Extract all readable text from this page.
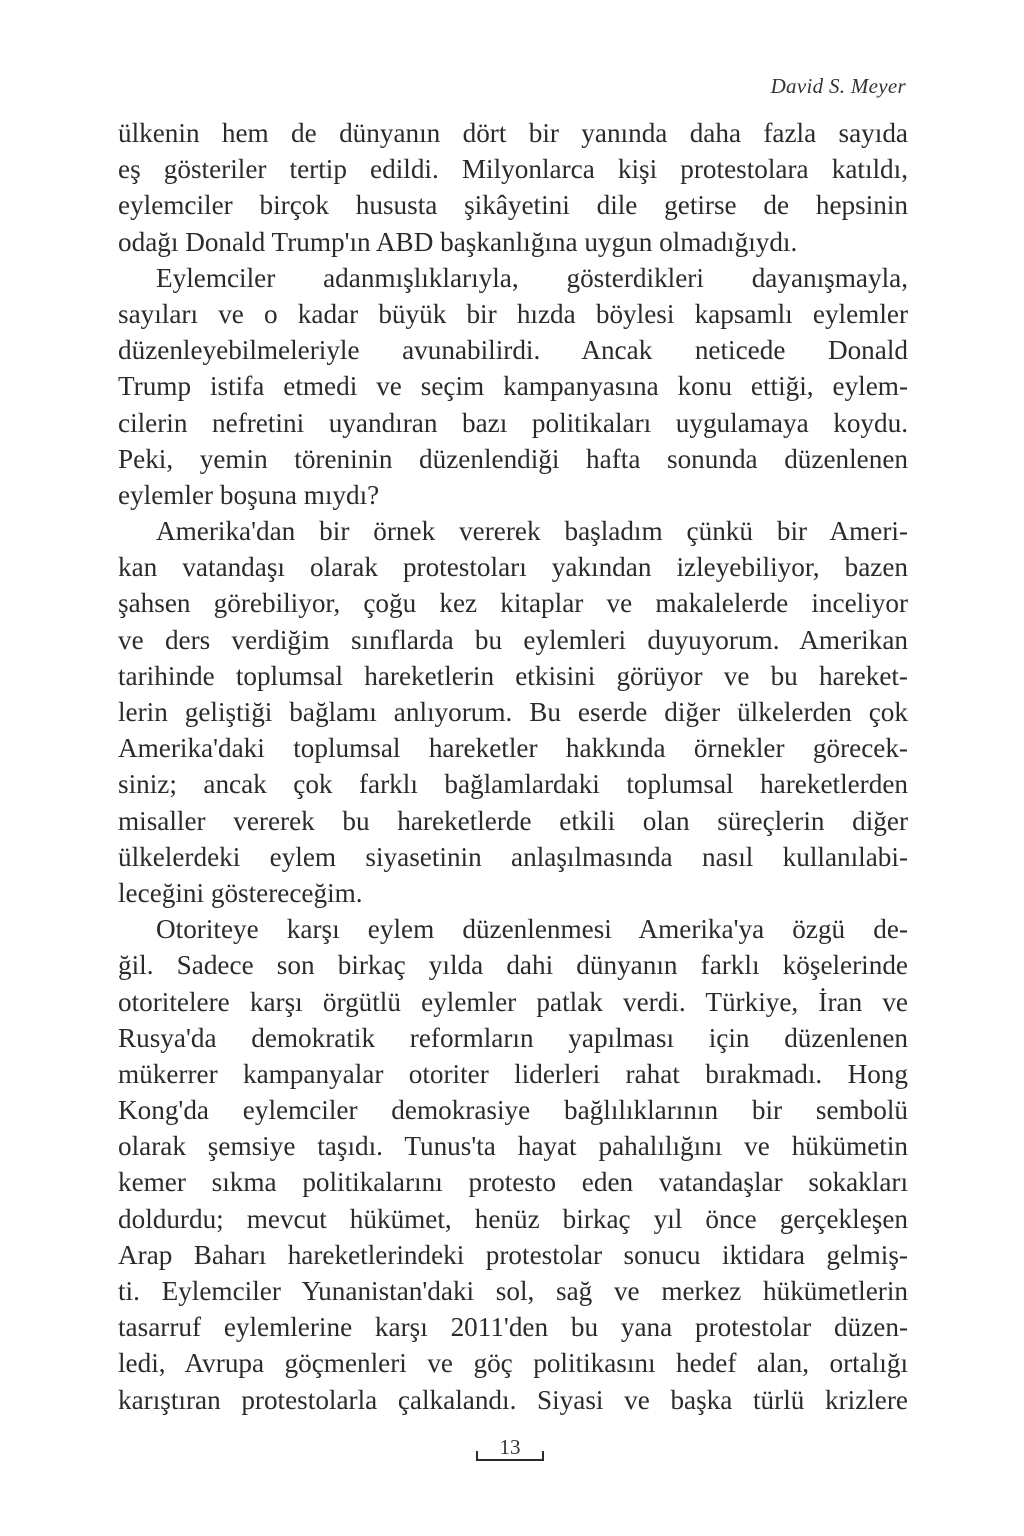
David S. Meyer
ülkenin hem de dünyanın dört bir yanında daha fazla sayıda
eş gösteriler tertip edildi. Milyonlarca kişi protestolara katıldı,
eylemciler birçok hususta şikâyetini dile getirse de hepsinin
odağı Donald Trump'ın ABD başkanlığına uygun olmadığıydı.
Eylemciler adanmışlıklarıyla, gösterdikleri dayanışmayla,
sayıları ve o kadar büyük bir hızda böylesi kapsamlı eylemler
düzenleyebilmeleriyle avunabilirdi. Ancak neticede Donald
Trump istifa etmedi ve seçim kampanyasına konu ettiği, eylem-
cilerin nefretini uyandıran bazı politikaları uygulamaya koydu.
Peki, yemin töreninin düzenlendiği hafta sonunda düzenlenen
eylemler boşuna mıydı?
Amerika'dan bir örnek vererek başladım çünkü bir Ameri-
kan vatandaşı olarak protestoları yakından izleyebiliyor, bazen
şahsen görebiliyor, çoğu kez kitaplar ve makalelerde inceliyor
ve ders verdiğim sınıflarda bu eylemleri duyuyorum. Amerikan
tarihinde toplumsal hareketlerin etkisini görüyor ve bu hareket-
lerin geliştiği bağlamı anlıyorum. Bu eserde diğer ülkelerden çok
Amerika'daki toplumsal hareketler hakkında örnekler görecek-
siniz; ancak çok farklı bağlamlardaki toplumsal hareketlerden
misaller vererek bu hareketlerde etkili olan süreçlerin diğer
ülkelerdeki eylem siyasetinin anlaşılmasında nasıl kullanılabi-
leceğini göstereceğim.
Otoriteye karşı eylem düzenlenmesi Amerika'ya özgü de-
ğil. Sadece son birkaç yılda dahi dünyanın farklı köşelerinde
otoritelere karşı örgütlü eylemler patlak verdi. Türkiye, İran ve
Rusya'da demokratik reformların yapılması için düzenlenen
mükerrer kampanyalar otoriter liderleri rahat bırakmadı. Hong
Kong'da eylemciler demokrasiye bağlılıklarının bir sembolü
olarak şemsiye taşıdı. Tunus'ta hayat pahalılığını ve hükümetin
kemer sıkma politikalarını protesto eden vatandaşlar sokakları
doldurdu; mevcut hükümet, henüz birkaç yıl önce gerçekleşen
Arap Baharı hareketlerindeki protestolar sonucu iktidara gelmiş-
ti. Eylemciler Yunanistan'daki sol, sağ ve merkez hükümetlerin
tasarruf eylemlerine karşı 2011'den bu yana protestolar düzen-
ledi, Avrupa göçmenleri ve göç politikasını hedef alan, ortalığı
karıştıran protestolarla çalkalandı. Siyasi ve başka türlü krizlere
13
